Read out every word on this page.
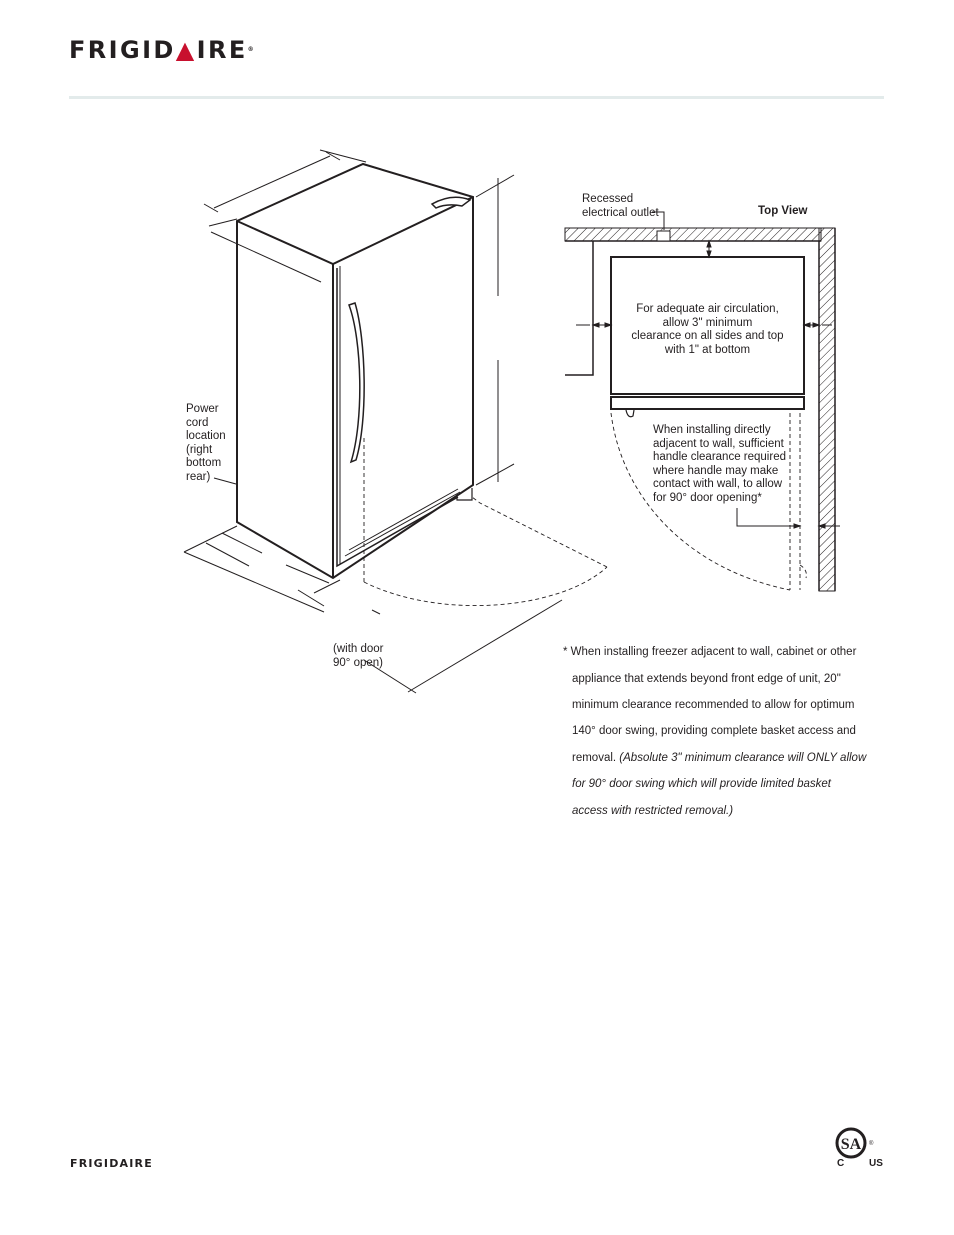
FRIGID▲IRE®
Power
cord
location
(right
bottom
rear)
(with door
90° open)
Top View
Recessed
electrical outlet
For adequate air circulation,
allow 3" minimum
clearance on all sides and top
with 1" at bottom
When installing directly
adjacent to wall, sufficient
handle clearance required
where handle may make
contact with wall, to allow
for 90° door opening*

* When installing freezer adjacent to wall, cabinet or other

appliance that extends beyond front edge of unit, 20"

minimum clearance recommended to allow for optimum

140° door swing, providing complete basket access and

removal. (Absolute 3" minimum clearance will ONLY allow

for 90° door swing which will provide limited basket

access with restricted removal.)

FRIGIDAIRE
SA ®
C US
